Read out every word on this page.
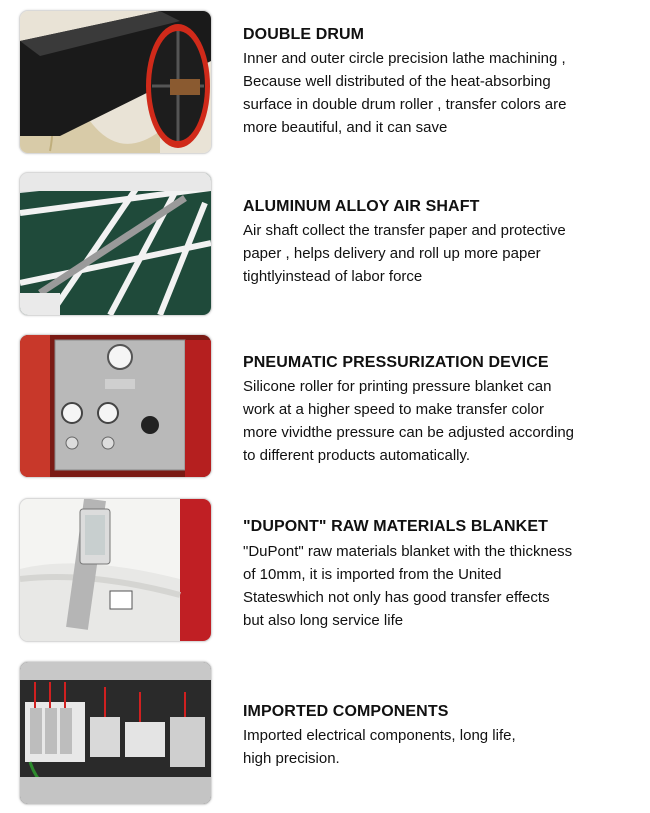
DOUBLE DRUM
Inner and outer circle precision lathe machining ,
Because well distributed of the heat-absorbing
surface in double drum roller , transfer colors are
more beautiful, and it can save
ALUMINUM ALLOY AIR SHAFT
Air shaft collect the transfer paper and protective
paper , helps delivery and roll up more paper
tightlyinstead of labor force
PNEUMATIC PRESSURIZATION DEVICE
Silicone roller for printing pressure blanket can
work at a higher speed to make transfer color
more vividthe pressure can be adjusted according
to different products automatically.
"DUPONT" RAW MATERIALS BLANKET
"DuPont" raw materials blanket with the thickness
of 10mm, it is imported from the United
Stateswhich not only has good transfer effects
but also long service life
IMPORTED COMPONENTS
Imported electrical components, long life,
high precision.
